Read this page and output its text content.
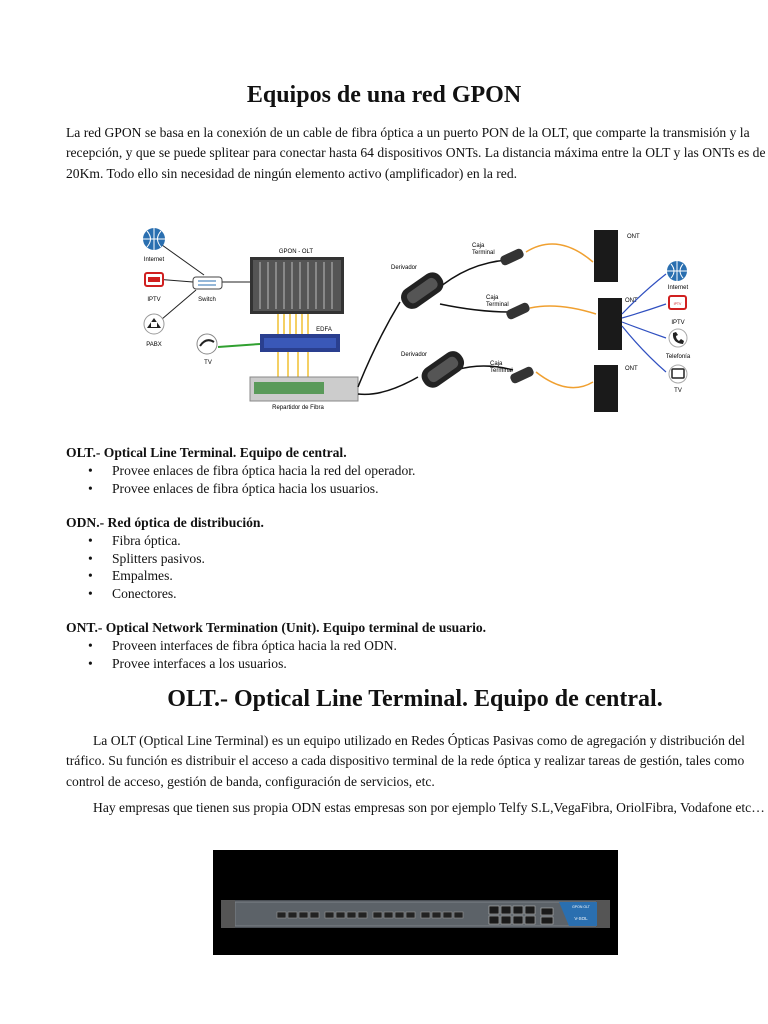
Equipos de una red GPON

La red GPON se basa en la conexión de un cable de fibra óptica a un puerto PON de la OLT, que comparte la transmisión y la recepción, y que se puede splitear para conectar hasta 64 dispositivos ONTs. La distancia máxima entre la OLT y las ONTs es de 20Km. Todo ello sin necesidad de ningún elemento activo (amplificador) en la red.

Internet
IPTV
PABX
Switch
TV
GPON - OLT
EDFA
Repartidor de Fibra
Derivador
Derivador
Caja
Terminal
Caja
Terminal
Caja
Terminal
ONT
ONT
ONT
Internet
IPTV
IPTV
Telefonía
TV
OLT.- Optical Line Terminal. Equipo de central.
• Provee enlaces de fibra óptica hacia la red del operador.
• Provee enlaces de fibra óptica hacia los usuarios.
ODN.- Red óptica de distribución.
• Fibra óptica.
• Splitters pasivos.
• Empalmes.
• Conectores.
ONT.- Optical Network Termination (Unit). Equipo terminal de usuario.
• Proveen interfaces de fibra óptica hacia la red ODN.
• Provee interfaces a los usuarios.
OLT.- Optical Line Terminal. Equipo de central.

La OLT (Optical Line Terminal) es un equipo utilizado en Redes Ópticas Pasivas como de agregación y distribución del tráfico. Su función es distribuir el acceso a cada dispositivo terminal de la rede óptica y realizar tareas de gestión, tales como control de acceso, gestión de banda, configuración de servicios, etc.

Hay empresas que tienen sus propia ODN estas empresas son por ejemplo Telfy S.L,VegaFibra, OriolFibra, Vodafone etc…

V-SOL
GPON OLT
